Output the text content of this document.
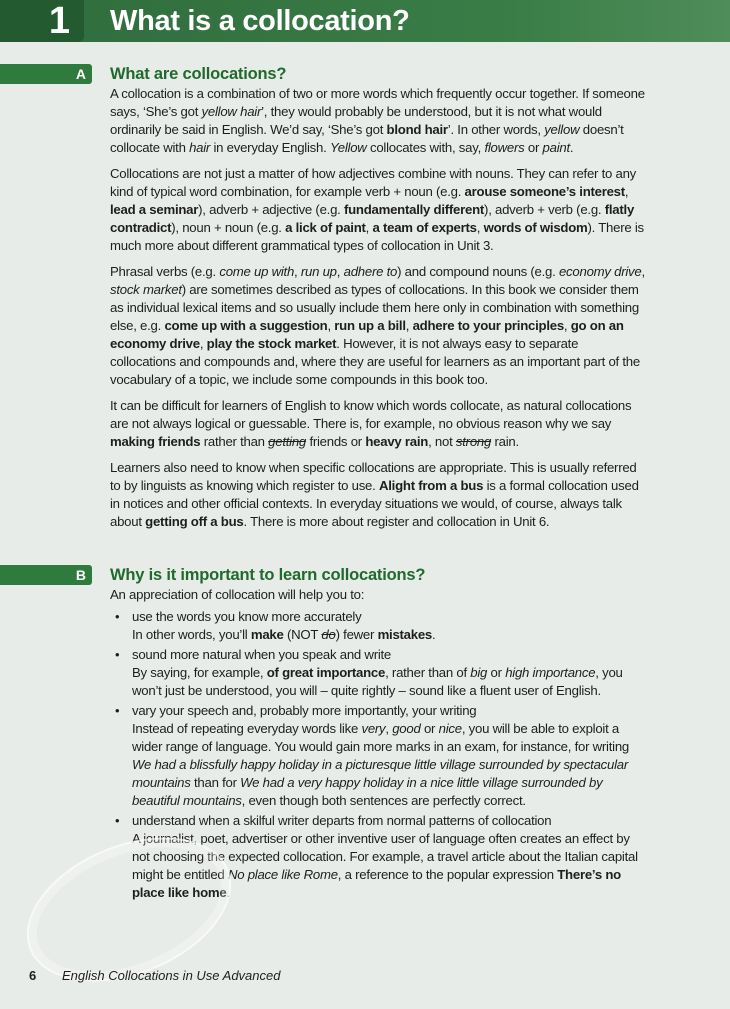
1	What is a collocation?
A	What are collocations?

A collocation is a combination of two or more words which frequently occur together. If someone says, ‘She’s got yellow hair’, they would probably be understood, but it is not what would ordinarily be said in English. We’d say, ‘She’s got blond hair’. In other words, yellow doesn’t collocate with hair in everyday English. Yellow collocates with, say, flowers or paint.

Collocations are not just a matter of how adjectives combine with nouns. They can refer to any kind of typical word combination, for example verb + noun (e.g. arouse someone’s interest, lead a seminar), adverb + adjective (e.g. fundamentally different), adverb + verb (e.g. flatly contradict), noun + noun (e.g. a lick of paint, a team of experts, words of wisdom). There is much more about different grammatical types of collocation in Unit 3.

Phrasal verbs (e.g. come up with, run up, adhere to) and compound nouns (e.g. economy drive, stock market) are sometimes described as types of collocations. In this book we consider them as individual lexical items and so usually include them here only in combination with something else, e.g. come up with a suggestion, run up a bill, adhere to your principles, go on an economy drive, play the stock market. However, it is not always easy to separate collocations and compounds and, where they are useful for learners as an important part of the vocabulary of a topic, we include some compounds in this book too.

It can be difficult for learners of English to know which words collocate, as natural collocations are not always logical or guessable. There is, for example, no obvious reason why we say making friends rather than getting friends or heavy rain, not strong rain.

Learners also need to know when specific collocations are appropriate. This is usually referred to by linguists as knowing which register to use. Alight from a bus is a formal collocation used in notices and other official contexts. In everyday situations we would, of course, always talk about getting off a bus. There is more about register and collocation in Unit 6.

B	Why is it important to learn collocations?

An appreciation of collocation will help you to:

• use the words you know more accurately
In other words, you’ll make (NOT do) fewer mistakes.
• sound more natural when you speak and write
By saying, for example, of great importance, rather than of big or high importance, you won’t just be understood, you will – quite rightly – sound like a fluent user of English.
• vary your speech and, probably more importantly, your writing
Instead of repeating everyday words like very, good or nice, you will be able to exploit a wider range of language. You would gain more marks in an exam, for instance, for writing We had a blissfully happy holiday in a picturesque little village surrounded by spectacular mountains than for We had a very happy holiday in a nice little village surrounded by beautiful mountains, even though both sentences are perfectly correct.
• understand when a skilful writer departs from normal patterns of collocation
A journalist, poet, advertiser or other inventive user of language often creates an effect by not choosing the expected collocation. For example, a travel article about the Italian capital might be entitled No place like Rome, a reference to the popular expression There’s no place like home.
6 English Collocations in Use Advanced
